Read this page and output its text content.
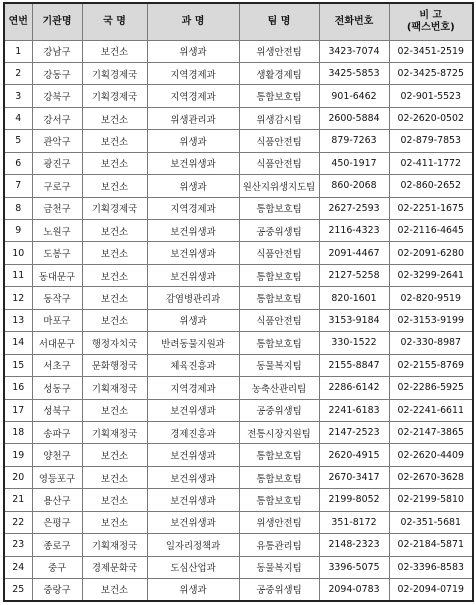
연번	기관명	국 명	과 명	팀 명	전화번호	비 고
(팩스번호)

1	강남구	보건소	위생과	위생안전팀	3423-7074	02-3451-2519
2	강동구	기획경제국	지역경제과	생활경제팀	3425-5853	02-3425-8725
3	강북구	기획경제국	지역경제과	통합보호팀	901-6462	02-901-5523
4	강서구	보건소	위생관리과	위생감시팀	2600-5884	02-2620-0502
5	관악구	보건소	위생과	식품안전팀	879-7263	02-879-7853
6	광진구	보건소	보건위생과	식품안전팀	450-1917	02-411-1772
7	구로구	보건소	위생과	원산지위생지도팀	860-2068	02-860-2652
8	금천구	기획경제국	지역경제과	통합보호팀	2627-2593	02-2251-1675
9	노원구	보건소	보건위생과	공중위생팀	2116-4323	02-2116-4645
10	도봉구	보건소	보건위생과	식품안전팀	2091-4467	02-2091-6280
11	동대문구	보건소	보건위생과	통합보호팀	2127-5258	02-3299-2641
12	동작구	보건소	감염병관리과	통합보호팀	820-1601	02-820-9519
13	마포구	보건소	위생과	식품안전팀	3153-9184	02-3153-9199
14	서대문구	행정자치국	반려동물지원과	통합보호팀	330-1522	02-330-8987
15	서초구	문화행정국	체육진흥과	동물복지팀	2155-8847	02-2155-8769
16	성동구	기획재정국	지역경제과	농축산관리팀	2286-6142	02-2286-5925
17	성북구	보건소	보건위생과	공중위생팀	2241-6183	02-2241-6611
18	송파구	기획재정국	경제진흥과	전통시장지원팀	2147-2523	02-2147-3865
19	양천구	보건소	보건위생과	통합보호팀	2620-4915	02-2620-4409
20	영등포구	보건소	보건위생과	통합보호팀	2670-3417	02-2670-3628
21	용산구	보건소	보건위생과	통합보호팀	2199-8052	02-2199-5810
22	은평구	보건소	보건위생과	위생안전팀	351-8172	02-351-5681
23	종로구	기획재정국	일자리정책과	유통관리팀	2148-2323	02-2184-5871
24	중구	경제문화국	도심산업과	동물복지팀	3396-5075	02-3396-8583
25	중랑구	보건소	위생과	공중위생팀	2094-0783	02-2094-0719
